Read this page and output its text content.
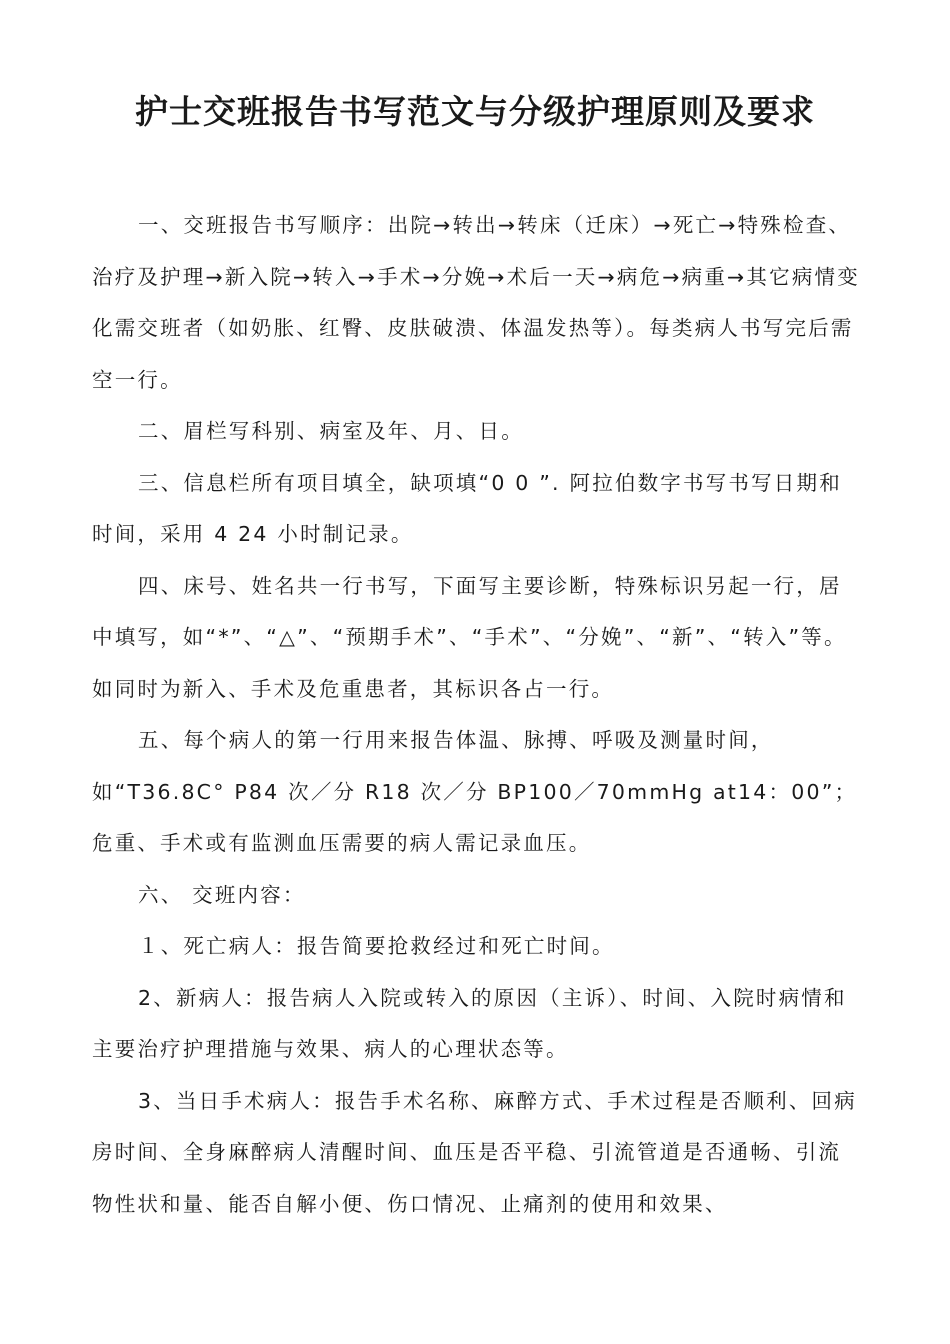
护士交班报告书写范文与分级护理原则及要求

一、交班报告书写顺序：出院→转出→转床（迁床）→死亡→特殊检查、治疗及护理→新入院→转入→手术→分娩→术后一天→病危→病重→其它病情变化需交班者（如奶胀、红臀、皮肤破溃、体温发热等）。每类病人书写完后需空一行。

二、眉栏写科别、病室及年、月、日。

三、信息栏所有项目填全，缺项填“0 0 ”. 阿拉伯数字书写书写日期和时间，采用 4 24 小时制记录。

四、床号、姓名共一行书写，下面写主要诊断，特殊标识另起一行，居中填写，如“*”、“△”、“预期手术”、“手术”、“分娩”、“新”、“转入”等。如同时为新入、手术及危重患者，其标识各占一行。

五、每个病人的第一行用来报告体温、脉搏、呼吸及测量时间，如“T36.8C° P84 次／分 R18 次／分 BP100／70mmHg at14：00”；危重、手术或有监测血压需要的病人需记录血压。

六、 交班内容：

１、死亡病人：报告简要抢救经过和死亡时间。

2、新病人：报告病人入院或转入的原因（主诉）、时间、入院时病情和主要治疗护理措施与效果、病人的心理状态等。

3、当日手术病人：报告手术名称、麻醉方式、手术过程是否顺利、回病房时间、全身麻醉病人清醒时间、血压是否平稳、引流管道是否通畅、引流物性状和量、能否自解小便、伤口情况、止痛剂的使用和效果、
